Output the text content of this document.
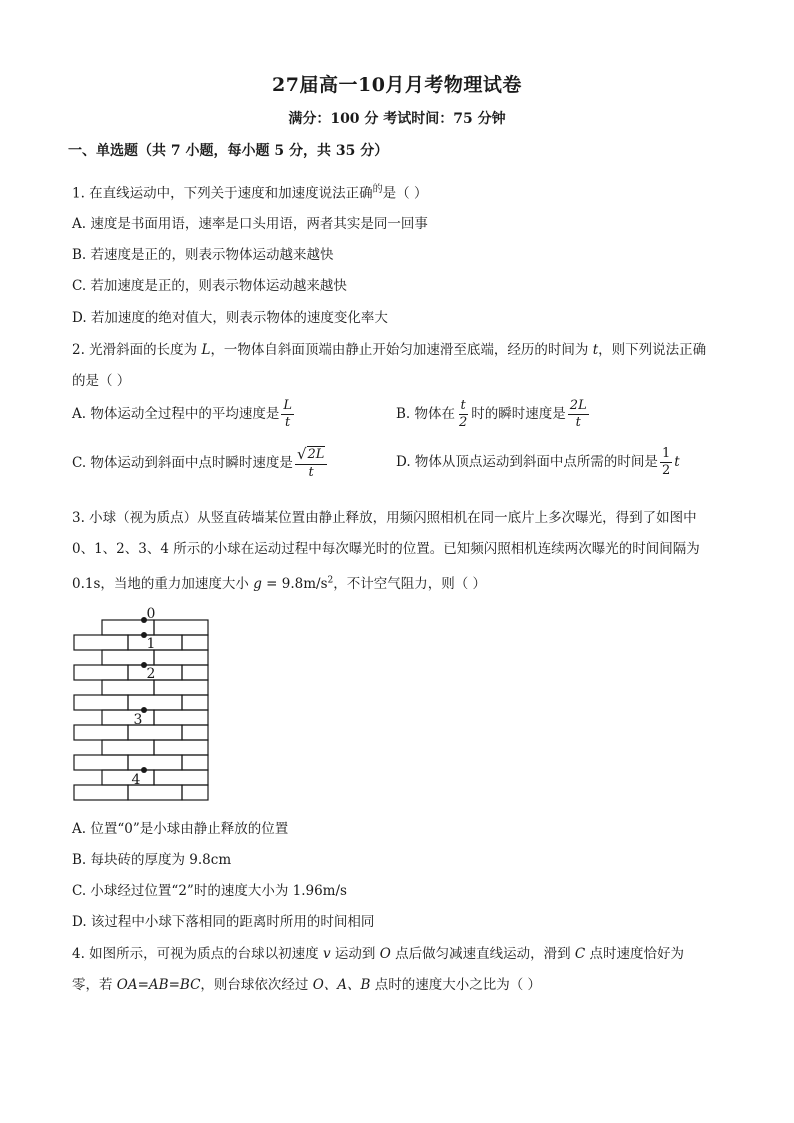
27届高一10月月考物理试卷
满分：100 分 考试时间：75 分钟
一、单选题（共 7 小题，每小题 5 分，共 35 分）
1. 在直线运动中，下列关于速度和加速度说法正确$^的$是（ ）
A. 速度是书面用语，速率是口头用语，两者其实是同一回事
B. 若速度是正的，则表示物体运动越来越快
C. 若加速度是正的，则表示物体运动越来越快
D. 若加速度的绝对值大，则表示物体的速度变化率大
2. 光滑斜面的长度为 L，一物体自斜面顶端由静止开始匀加速滑至底端，经历的时间为 t，则下列说法正确
的是（ ）
A. 物体运动全过程中的平均速度是 $\frac{L}{t}$	B. 物体在 $\frac{t}{2}$ 时的瞬时速度是 $\frac{2L}{t}$
C. 物体运动到斜面中点时瞬时速度是 $\frac{√ 2L}{t}$	D. 物体从顶点运动到斜面中点所需的时间是 $\frac{1}{2}$ t
3. 小球（视为质点）从竖直砖墙某位置由静止释放，用频闪照相机在同一底片上多次曝光，得到了如图中
0、1、2、3、4 所示的小球在运动过程中每次曝光时的位置。已知频闪照相机连续两次曝光的时间间隔为
0.1s，当地的重力加速度大小 $g = 9.8m/s^2$，不计空气阻力，则（ ）
0
1
2
3
4
A. 位置“0”是小球由静止释放的位置
B. 每块砖的厚度为 9.8cm
C. 小球经过位置“2”时的速度大小为 1.96m/s
D. 该过程中小球下落相同的距离时所用的时间相同
4. 如图所示，可视为质点的台球以初速度 v 运动到 O 点后做匀减速直线运动，滑到 C 点时速度恰好为
零，若 OA=AB=BC，则台球依次经过 O、A、B 点时的速度大小之比为（ ）
